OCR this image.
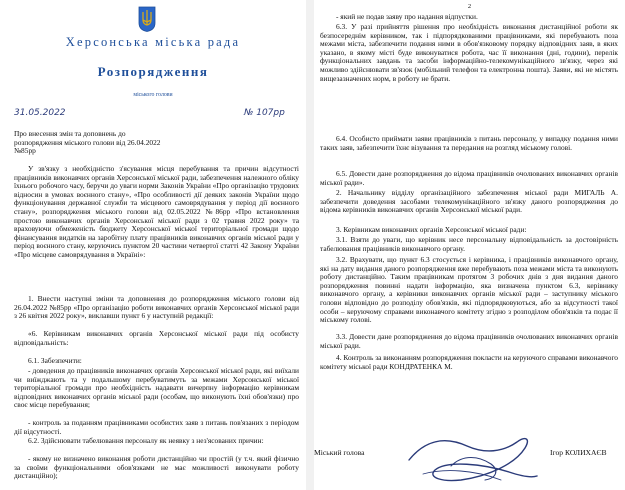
Херсонська міська рада

Розпорядження

міського голови

31.05.2022	№ 107рр

Про внесення змін та доповнень до розпорядження міського голови від 26.04.2022 №85рр

У зв'язку з необхідністю з'ясування місця перебування та причин відсутності працівників виконавчих органів Херсонської міської ради, забезпечення належного обліку їхнього робочого часу, беручи до уваги норми Законів України «Про організацію трудових відносин в умовах воєнного стану», «Про особливості дії деяких законів України щодо функціонування державної служби та місцевого самоврядування у період дії воєнного стану», розпорядження міського голови від 02.05.2022 №86рр «Про встановлення простою виконавчих органів Херсонської міської ради з 02 травня 2022 року» та враховуючи обмеженість бюджету Херсонської міської територіальної громади щодо фінансування видатків на заробітну плату працівників виконавчих органів міської ради у період воєнного стану, керуючись пунктом 20 частини четвертої статті 42 Закону України «Про місцеве самоврядування в Україні»:

1. Внести наступні зміни та доповнення до розпорядження міського голови від 26.04.2022 №85рр «Про організацію роботи виконавчих органів Херсонської міської ради з 26 квітня 2022 року», виклавши пункт 6 у наступній редакції:

«6. Керівникам виконавчих органів Херсонської міської ради під особисту відповідальність:

6.1. Забезпечити:

- доведення до працівників виконавчих органів Херсонської міської ради, які виїхали чи виїжджають та у подальшому перебуватимуть за межами Херсонської міської територіальної громади про необхідність надавати вичерпну інформацію керівникам відповідних виконавчих органів міської ради (особам, що виконують їхні обов'язки) про своє місце перебування;

- контроль за поданням працівниками особистих заяв з питань пов'язаних з періодом дії відсутності.

6.2. Здійснювати табелювання персоналу як неявку з нез'ясованих причин:

- якому не визначено виконання роботи дистанційно чи простій (у т.ч. який фізично за своїми функціональними обов'язками не має можливості виконувати роботу дистанційно);

2

- який не подав заяву про надання відпустки.

6.3. У разі прийняття рішення про необхідність виконання дистанційної роботи як безпосереднім керівником, так і підпорядкованими працівниками, які перебувають поза межами міста, забезпечити подання ними в обов'язковому порядку відповідних заяв, в яких указано, в якому місті буде виконуватися робота, час її виконання (дні, години), перелік функціональних завдань та засоби інформаційно-телекомунікаційного зв'язку, через які можливо здійснювати зв'язок (мобільний телефон та електронна пошта). Заяви, які не містять вищезазначених норм, в роботу не брати.

6.4. Особисто приймати заяви працівників з питань персоналу, у випадку подання ними таких заяв, забезпечити їхнє візування та передання на розгляд міському голові.

6.5. Довести дане розпорядження до відома працівників очолюваних виконавчих органів міської ради».

2. Начальнику відділу організаційного забезпечення міської ради МИГАЛЬ А. забезпечити доведення засобами телекомунікаційного зв'язку даного розпорядження до відома керівників виконавчих органів Херсонської міської ради.

3. Керівникам виконавчих органів Херсонської міської ради:

3.1. Взяти до уваги, що керівник несе персональну відповідальність за достовірність табелювання працівників виконавчого органу.

3.2. Врахувати, що пункт 6.3 стосується і керівника, і працівників виконавчого органу, які на дату видання даного розпорядження вже перебувають поза межами міста та виконують роботу дистанційно. Таким працівникам протягом 3 робочих днів з дня видання даного розпорядження повинні надати інформацію, яка визначена пунктом 6.3, керівнику виконавчого органу, а керівники виконавчих органів міської ради – заступнику міського голови відповідно до розподілу обов'язків, які підпорядковуються, або за відсутності такої особи – керуючому справами виконавчого комітету згідно з розподілом обов'язків та подає її міському голові.

3.3. Довести дане розпорядження до відома працівників очолюваних виконавчих органів міської ради.

4. Контроль за виконанням розпорядження покласти на керуючого справами виконавчого комітету міської ради КОНДРАТЕНКА М.

Міський голова	Ігор КОЛИХАЄВ
